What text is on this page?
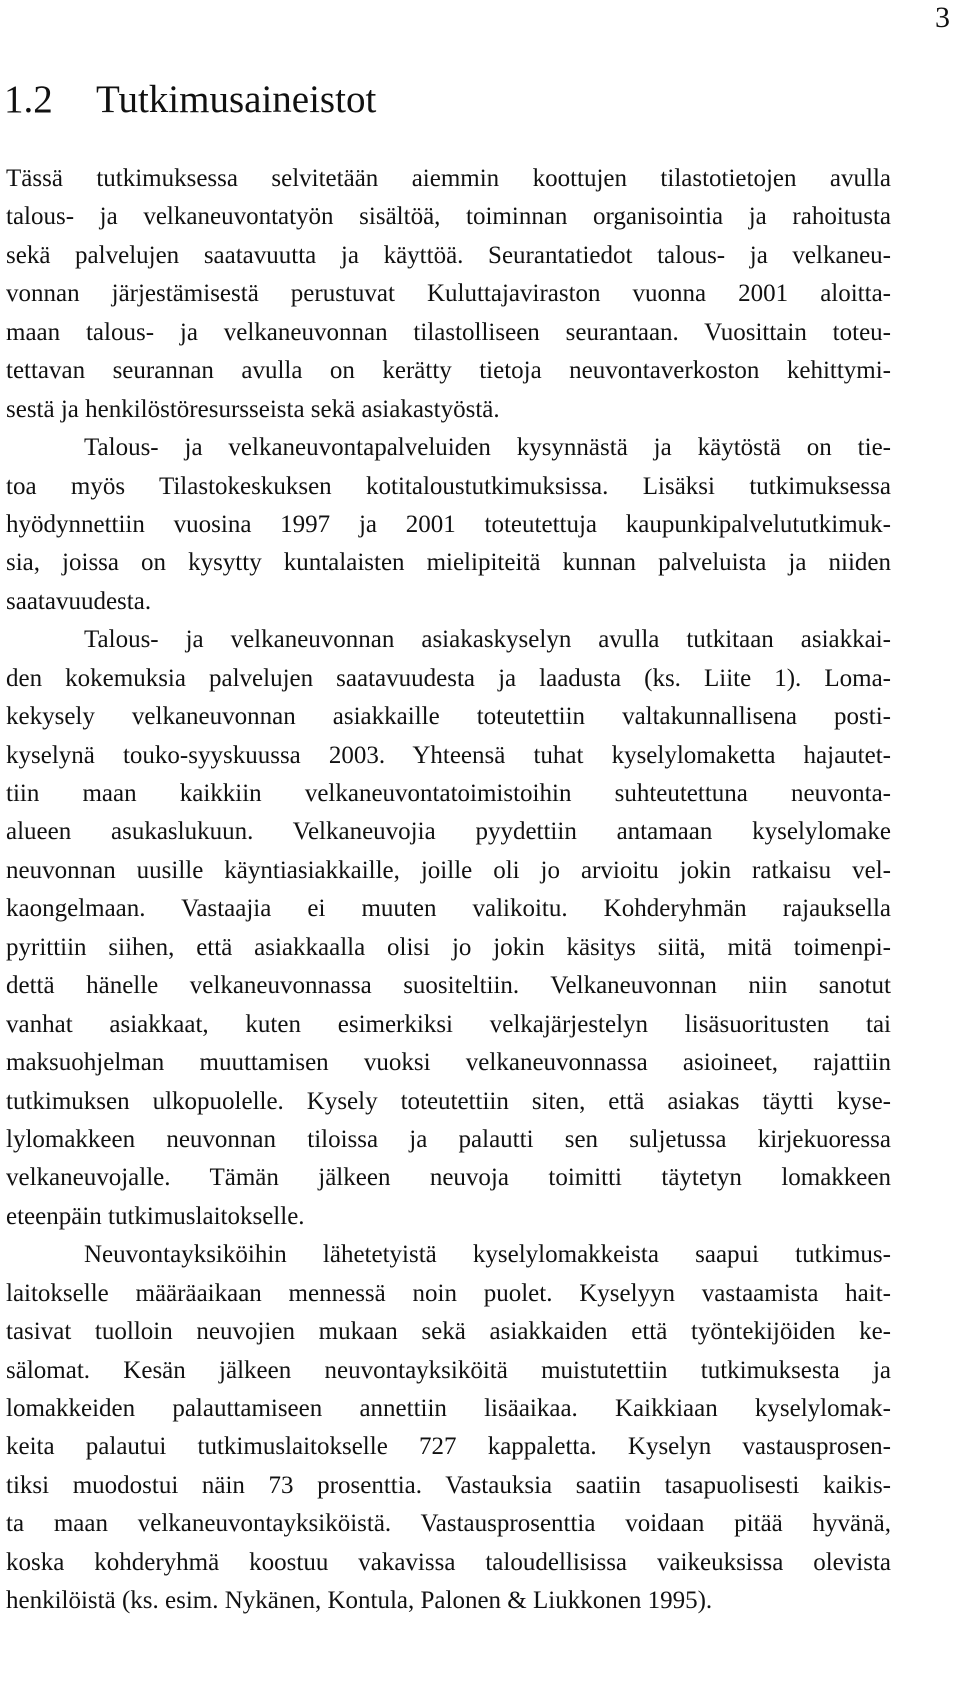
3
1.2 Tutkimusaineistot
Tässä tutkimuksessa selvitetään aiemmin koottujen tilastotietojen avulla
talous- ja velkaneuvontatyön sisältöä, toiminnan organisointia ja rahoitusta
sekä palvelujen saatavuutta ja käyttöä. Seurantatiedot talous- ja velkaneu-
vonnan järjestämisestä perustuvat Kuluttajaviraston vuonna 2001 aloitta-
maan talous- ja velkaneuvonnan tilastolliseen seurantaan. Vuosittain toteu-
tettavan seurannan avulla on kerätty tietoja neuvontaverkoston kehittymi-
sestä ja henkilöstöresursseista sekä asiakastyöstä.
Talous- ja velkaneuvontapalveluiden kysynnästä ja käytöstä on tie-
toa myös Tilastokeskuksen kotitaloustutkimuksissa. Lisäksi tutkimuksessa
hyödynnettiin vuosina 1997 ja 2001 toteutettuja kaupunkipalvelututkimuk-
sia, joissa on kysytty kuntalaisten mielipiteitä kunnan palveluista ja niiden
saatavuudesta.
Talous- ja velkaneuvonnan asiakaskyselyn avulla tutkitaan asiakkai-
den kokemuksia palvelujen saatavuudesta ja laadusta (ks. Liite 1). Loma-
kekysely velkaneuvonnan asiakkaille toteutettiin valtakunnallisena posti-
kyselynä touko-syyskuussa 2003. Yhteensä tuhat kyselylomaketta hajautet-
tiin maan kaikkiin velkaneuvontatoimistoihin suhteutettuna neuvonta-
alueen asukaslukuun. Velkaneuvojia pyydettiin antamaan kyselylomake
neuvonnan uusille käyntiasiakkaille, joille oli jo arvioitu jokin ratkaisu vel-
kaongelmaan. Vastaajia ei muuten valikoitu. Kohderyhmän rajauksella
pyrittiin siihen, että asiakkaalla olisi jo jokin käsitys siitä, mitä toimenpi-
dettä hänelle velkaneuvonnassa suositeltiin. Velkaneuvonnan niin sanotut
vanhat asiakkaat, kuten esimerkiksi velkajärjestelyn lisäsuoritusten tai
maksuohjelman muuttamisen vuoksi velkaneuvonnassa asioineet, rajattiin
tutkimuksen ulkopuolelle. Kysely toteutettiin siten, että asiakas täytti kyse-
lylomakkeen neuvonnan tiloissa ja palautti sen suljetussa kirjekuoressa
velkaneuvojalle. Tämän jälkeen neuvoja toimitti täytetyn lomakkeen
eteenpäin tutkimuslaitokselle.
Neuvontayksiköihin lähetetyistä kyselylomakkeista saapui tutkimus-
laitokselle määräaikaan mennessä noin puolet. Kyselyyn vastaamista hait-
tasivat tuolloin neuvojien mukaan sekä asiakkaiden että työntekijöiden ke-
sälomat. Kesän jälkeen neuvontayksiköitä muistutettiin tutkimuksesta ja
lomakkeiden palauttamiseen annettiin lisäaikaa. Kaikkiaan kyselylomak-
keita palautui tutkimuslaitokselle 727 kappaletta. Kyselyn vastausprosen-
tiksi muodostui näin 73 prosenttia. Vastauksia saatiin tasapuolisesti kaikis-
ta maan velkaneuvontayksiköistä. Vastausprosenttia voidaan pitää hyvänä,
koska kohderyhmä koostuu vakavissa taloudellisissa vaikeuksissa olevista
henkilöistä (ks. esim. Nykänen, Kontula, Palonen & Liukkonen 1995).
